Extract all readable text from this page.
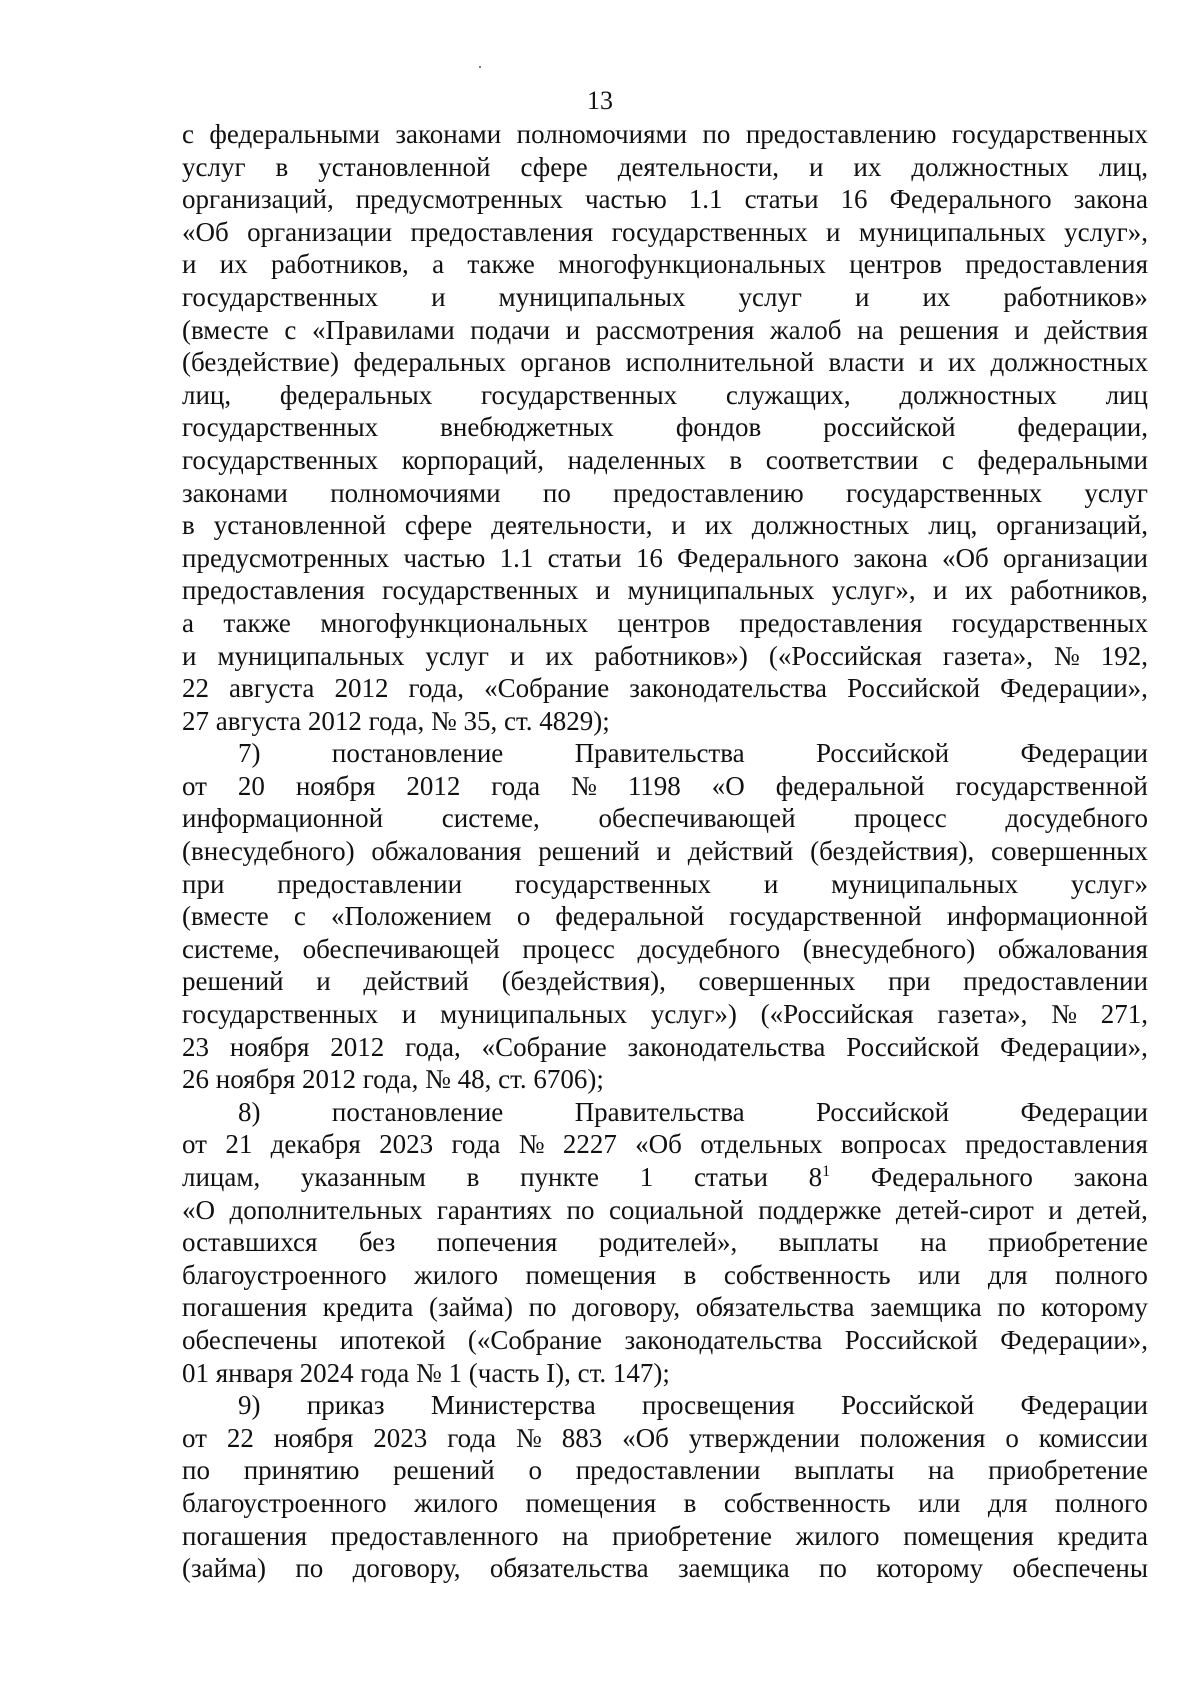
13
с федеральными законами полномочиями по предоставлению государственных
услуг в установленной сфере деятельности, и их должностных лиц,
организаций, предусмотренных частью 1.1 статьи 16 Федерального закона
«Об организации предоставления государственных и муниципальных услуг»,
и их работников, а также многофункциональных центров предоставления
государственных и муниципальных услуг и их работников»
(вместе с «Правилами подачи и рассмотрения жалоб на решения и действия
(бездействие) федеральных органов исполнительной власти и их должностных
лиц, федеральных государственных служащих, должностных лиц
государственных внебюджетных фондов российской федерации,
государственных корпораций, наделенных в соответствии с федеральными
законами полномочиями по предоставлению государственных услуг
в установленной сфере деятельности, и их должностных лиц, организаций,
предусмотренных частью 1.1 статьи 16 Федерального закона «Об организации
предоставления государственных и муниципальных услуг», и их работников,
а также многофункциональных центров предоставления государственных
и муниципальных услуг и их работников») («Российская газета», № 192,
22 августа 2012 года, «Собрание законодательства Российской Федерации»,
27 августа 2012 года, № 35, ст. 4829);
7)	постановление	Правительства	Российской	Федерации
от 20 ноября 2012 года № 1198 «О федеральной государственной
информационной системе, обеспечивающей процесс досудебного
(внесудебного) обжалования решений и действий (бездействия), совершенных
при предоставлении государственных и муниципальных услуг»
(вместе с «Положением о федеральной государственной информационной
системе, обеспечивающей процесс досудебного (внесудебного) обжалования
решений и действий (бездействия), совершенных при предоставлении
государственных и муниципальных услуг») («Российская газета», № 271,
23 ноября 2012 года, «Собрание законодательства Российской Федерации»,
26 ноября 2012 года, № 48, ст. 6706);
8)	постановление	Правительства	Российской	Федерации
от 21 декабря 2023 года № 2227 «Об отдельных вопросах предоставления
лицам, указанным в пункте 1 статьи $8^1$ Федерального закона
«О дополнительных гарантиях по социальной поддержке детей-сирот и детей,
оставшихся без попечения родителей», выплаты на приобретение
благоустроенного жилого помещения в собственность или для полного
погашения кредита (займа) по договору, обязательства заемщика по которому
обеспечены ипотекой («Собрание законодательства Российской Федерации»,
01 января 2024 года № 1 (часть I), ст. 147);
9) приказ Министерства просвещения Российской Федерации
от 22 ноября 2023 года № 883 «Об утверждении положения о комиссии
по принятию решений о предоставлении выплаты на приобретение
благоустроенного жилого помещения в собственность или для полного
погашения предоставленного на приобретение жилого помещения кредита
(займа) по договору, обязательства заемщика по которому обеспечены
